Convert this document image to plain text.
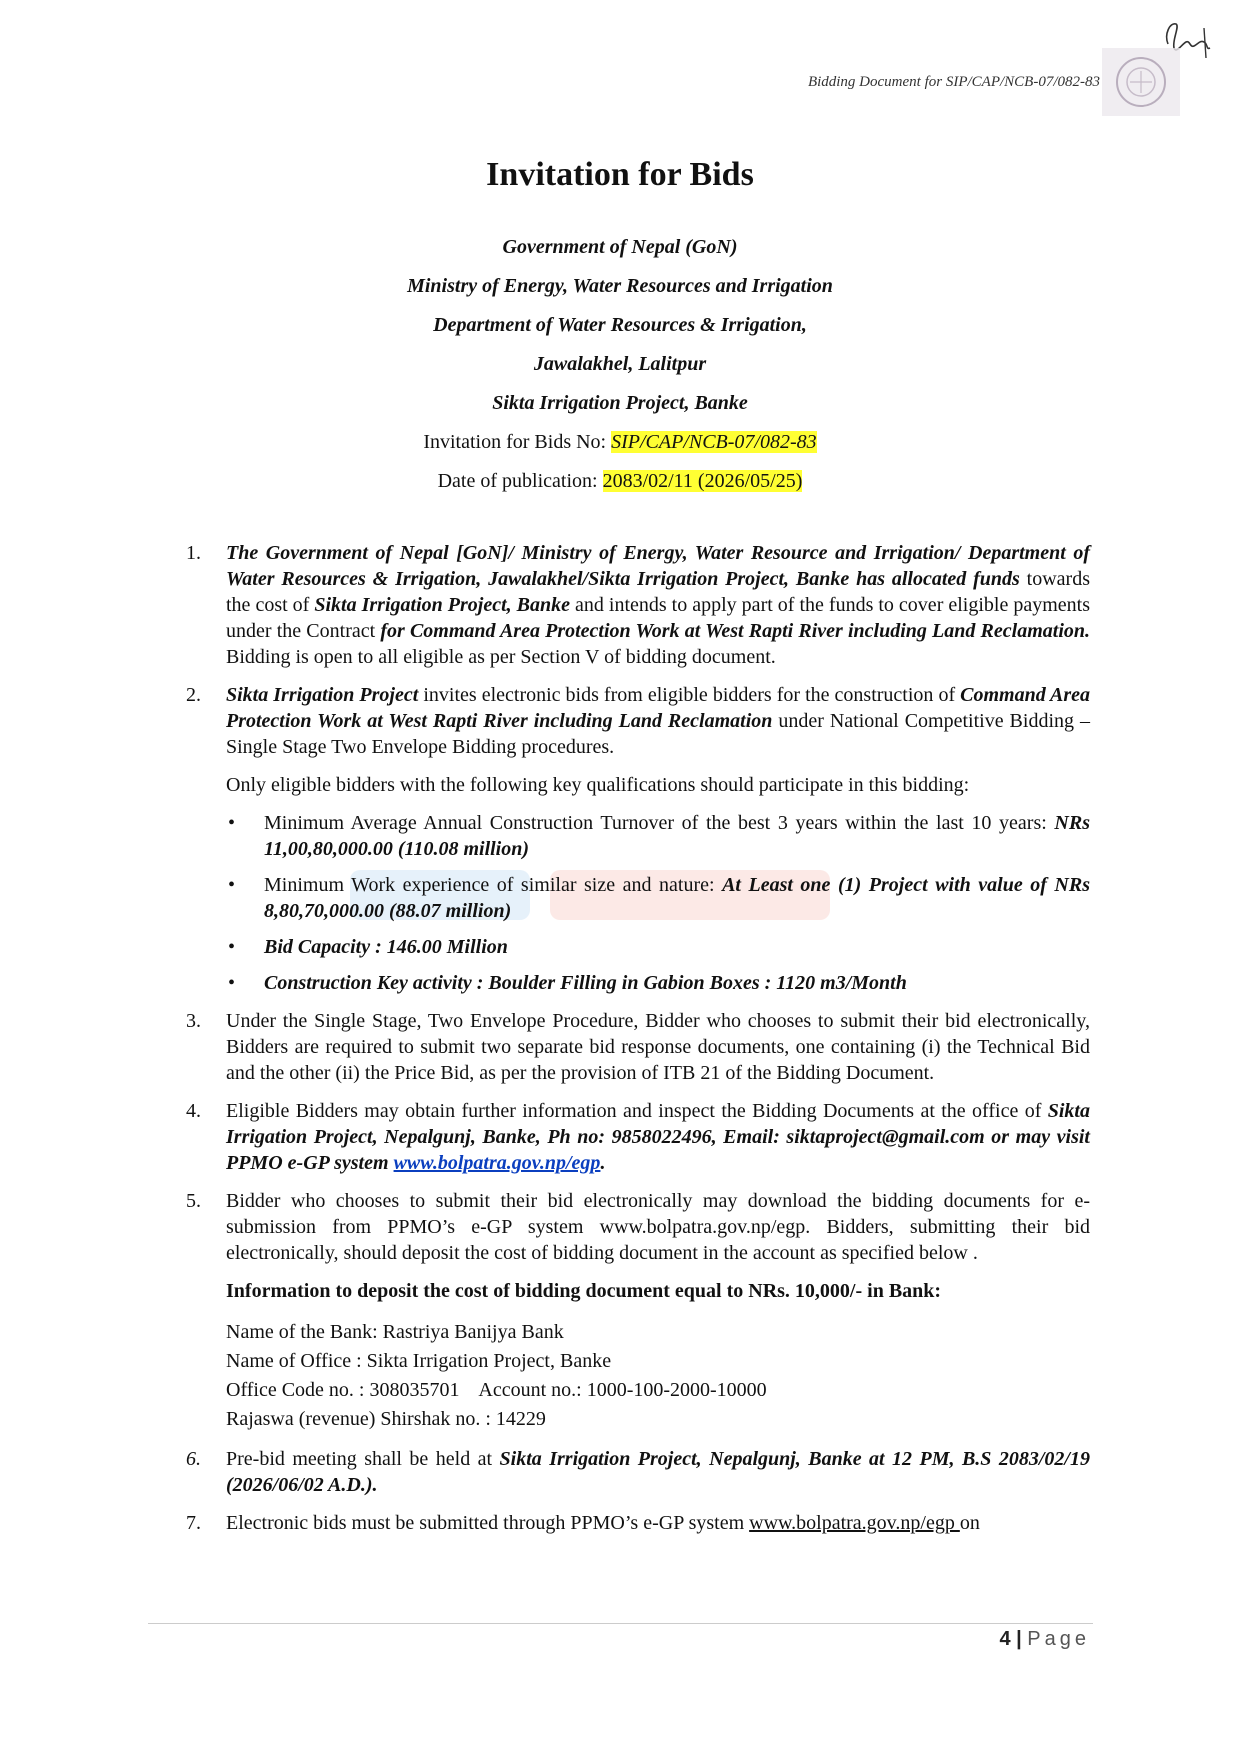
Bidding Document for SIP/CAP/NCB-07/082-83
Invitation for Bids
Government of Nepal (GoN)
Ministry of Energy, Water Resources and Irrigation
Department of Water Resources & Irrigation,
Jawalakhel, Lalitpur
Sikta Irrigation Project, Banke
Invitation for Bids No: SIP/CAP/NCB-07/082-83
Date of publication: 2083/02/11 (2026/05/25)
1.	The Government of Nepal [GoN]/ Ministry of Energy, Water Resource and Irrigation/ Department of Water Resources & Irrigation, Jawalakhel/Sikta Irrigation Project, Banke has allocated funds towards the cost of Sikta Irrigation Project, Banke and intends to apply part of the funds to cover eligible payments under the Contract for Command Area Protection Work at West Rapti River including Land Reclamation. Bidding is open to all eligible as per Section V of bidding document.
2.	Sikta Irrigation Project invites electronic bids from eligible bidders for the construction of Command Area Protection Work at West Rapti River including Land Reclamation under National Competitive Bidding – Single Stage Two Envelope Bidding procedures.
Only eligible bidders with the following key qualifications should participate in this bidding:
• Minimum Average Annual Construction Turnover of the best 3 years within the last 10 years: NRs 11,00,80,000.00 (110.08 million)
• Minimum Work experience of similar size and nature: At Least one (1) Project with value of NRs 8,80,70,000.00 (88.07 million)
• Bid Capacity : 146.00 Million
• Construction Key activity : Boulder Filling in Gabion Boxes : 1120 m3/Month
3.	Under the Single Stage, Two Envelope Procedure, Bidder who chooses to submit their bid electronically, Bidders are required to submit two separate bid response documents, one containing (i) the Technical Bid and the other (ii) the Price Bid, as per the provision of ITB 21 of the Bidding Document.
4.	Eligible Bidders may obtain further information and inspect the Bidding Documents at the office of Sikta Irrigation Project, Nepalgunj, Banke, Ph no: 9858022496, Email: siktaproject@gmail.com or may visit PPMO e-GP system www.bolpatra.gov.np/egp.
5.	Bidder who chooses to submit their bid electronically may download the bidding documents for e-submission from PPMO’s e-GP system www.bolpatra.gov.np/egp. Bidders, submitting their bid electronically, should deposit the cost of bidding document in the account as specified below .
Information to deposit the cost of bidding document equal to NRs. 10,000/- in Bank:
Name of the Bank: Rastriya Banijya Bank
Name of Office : Sikta Irrigation Project, Banke
Office Code no. : 308035701    Account no.: 1000-100-2000-10000
Rajaswa (revenue) Shirshak no. : 14229
6.	Pre-bid meeting shall be held at Sikta Irrigation Project, Nepalgunj, Banke at 12 PM, B.S 2083/02/19 (2026/06/02 A.D.).
7.	Electronic bids must be submitted through PPMO’s e-GP system www.bolpatra.gov.np/egp on
4 | Page
